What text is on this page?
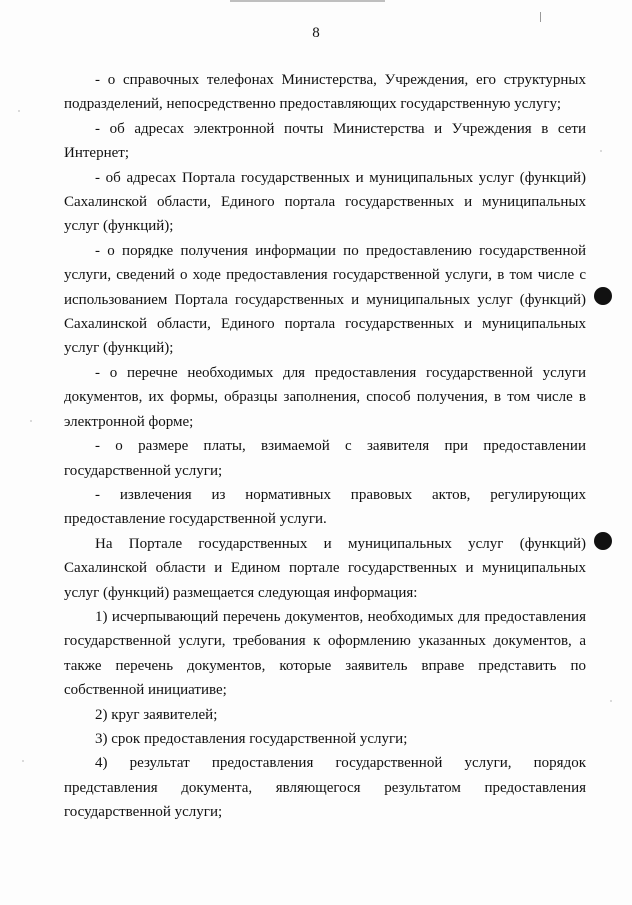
8

- о справочных телефонах Министерства, Учреждения, его структурных подразделений, непосредственно предоставляющих государственную услугу;

- об адресах электронной почты Министерства и Учреждения в сети Интернет;

- об адресах Портала государственных и муниципальных услуг (функций) Сахалинской области, Единого портала государственных и муниципальных услуг (функций);

- о порядке получения информации по предоставлению государственной услуги, сведений о ходе предоставления государственной услуги, в том числе с использованием Портала государственных и муниципальных услуг (функций) Сахалинской области, Единого портала государственных и муниципальных услуг (функций);

- о перечне необходимых для предоставления государственной услуги документов, их формы, образцы заполнения, способ получения, в том числе в электронной форме;

- о размере платы, взимаемой с заявителя при предоставлении государственной услуги;

- извлечения из нормативных правовых актов, регулирующих предоставление государственной услуги.

На Портале государственных и муниципальных услуг (функций) Сахалинской области и Едином портале государственных и муниципальных услуг (функций) размещается следующая информация:

1) исчерпывающий перечень документов, необходимых для предоставления государственной услуги, требования к оформлению указанных документов, а также перечень документов, которые заявитель вправе представить по собственной инициативе;

2) круг заявителей;

3) срок предоставления государственной услуги;

4) результат предоставления государственной услуги, порядок представления документа, являющегося результатом предоставления государственной услуги;
